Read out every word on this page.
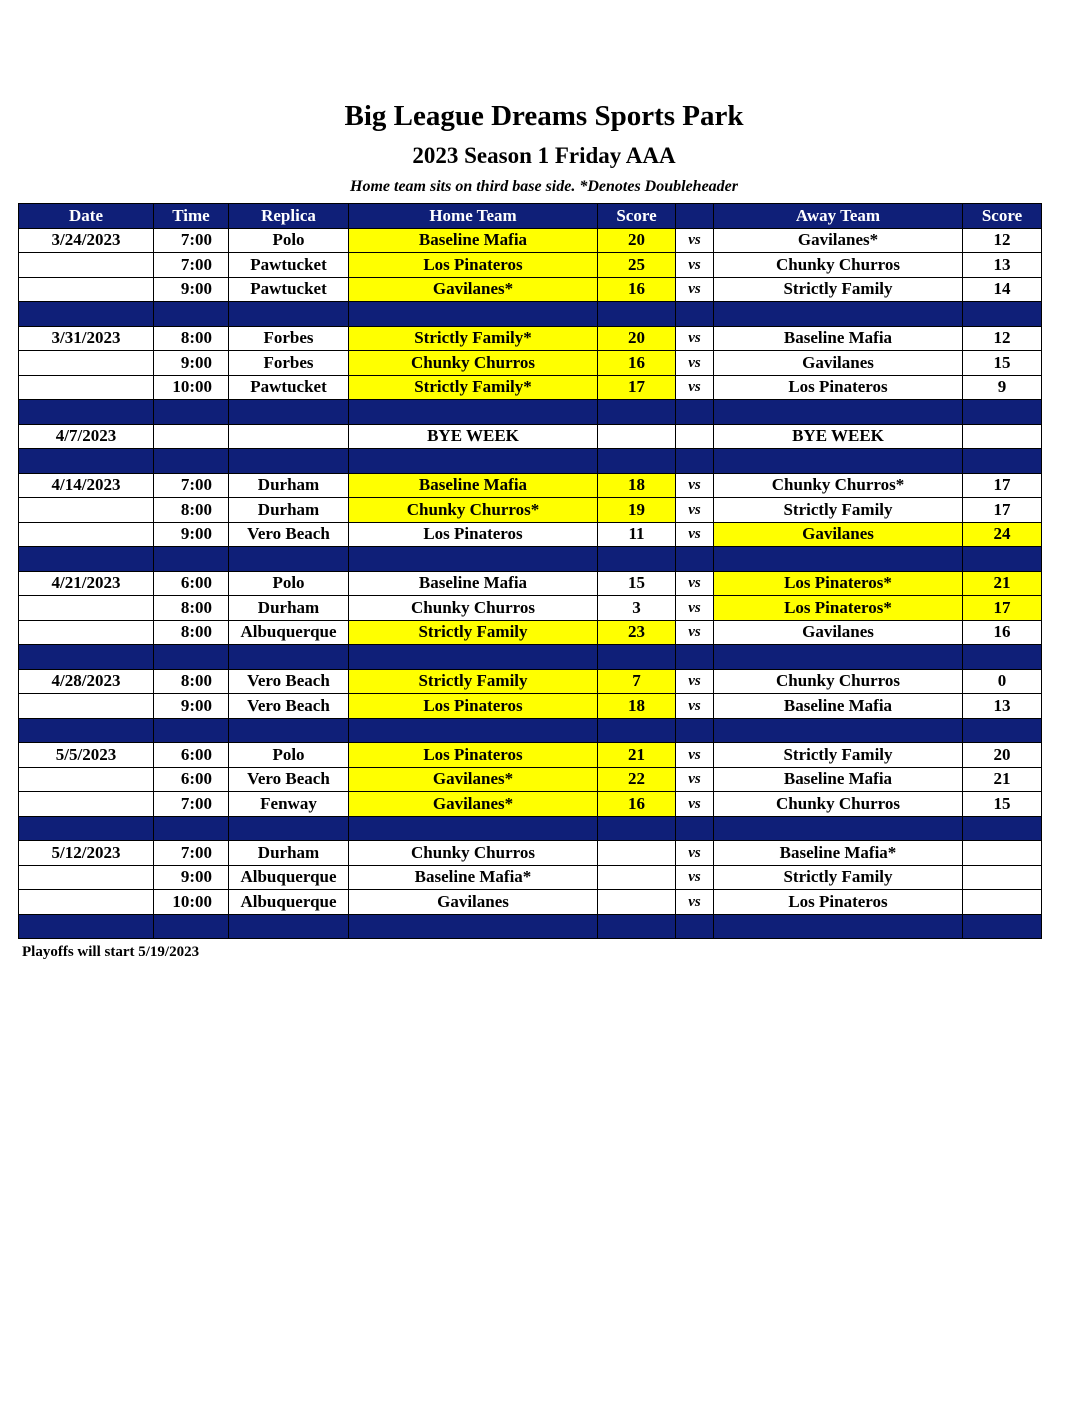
Big League Dreams Sports Park
2023 Season 1 Friday AAA
Home team sits on third base side. *Denotes Doubleheader
Date	Time	Replica	Home Team	Score		Away Team	Score
3/24/2023	7:00	Polo	Baseline Mafia	20	vs	Gavilanes*	12
	7:00	Pawtucket	Los Pinateros	25	vs	Chunky Churros	13
	9:00	Pawtucket	Gavilanes*	16	vs	Strictly Family	14

3/31/2023	8:00	Forbes	Strictly Family*	20	vs	Baseline Mafia	12
	9:00	Forbes	Chunky Churros	16	vs	Gavilanes	15
	10:00	Pawtucket	Strictly Family*	17	vs	Los Pinateros	9

4/7/2023			BYE WEEK			BYE WEEK	

4/14/2023	7:00	Durham	Baseline Mafia	18	vs	Chunky Churros*	17
	8:00	Durham	Chunky Churros*	19	vs	Strictly Family	17
	9:00	Vero Beach	Los Pinateros	11	vs	Gavilanes	24

4/21/2023	6:00	Polo	Baseline Mafia	15	vs	Los Pinateros*	21
	8:00	Durham	Chunky Churros	3	vs	Los Pinateros*	17
	8:00	Albuquerque	Strictly Family	23	vs	Gavilanes	16

4/28/2023	8:00	Vero Beach	Strictly Family	7	vs	Chunky Churros	0
	9:00	Vero Beach	Los Pinateros	18	vs	Baseline Mafia	13

5/5/2023	6:00	Polo	Los Pinateros	21	vs	Strictly Family	20
	6:00	Vero Beach	Gavilanes*	22	vs	Baseline Mafia	21
	7:00	Fenway	Gavilanes*	16	vs	Chunky Churros	15

5/12/2023	7:00	Durham	Chunky Churros		vs	Baseline Mafia*	
	9:00	Albuquerque	Baseline Mafia*		vs	Strictly Family	
	10:00	Albuquerque	Gavilanes		vs	Los Pinateros	

Playoffs will start 5/19/2023
